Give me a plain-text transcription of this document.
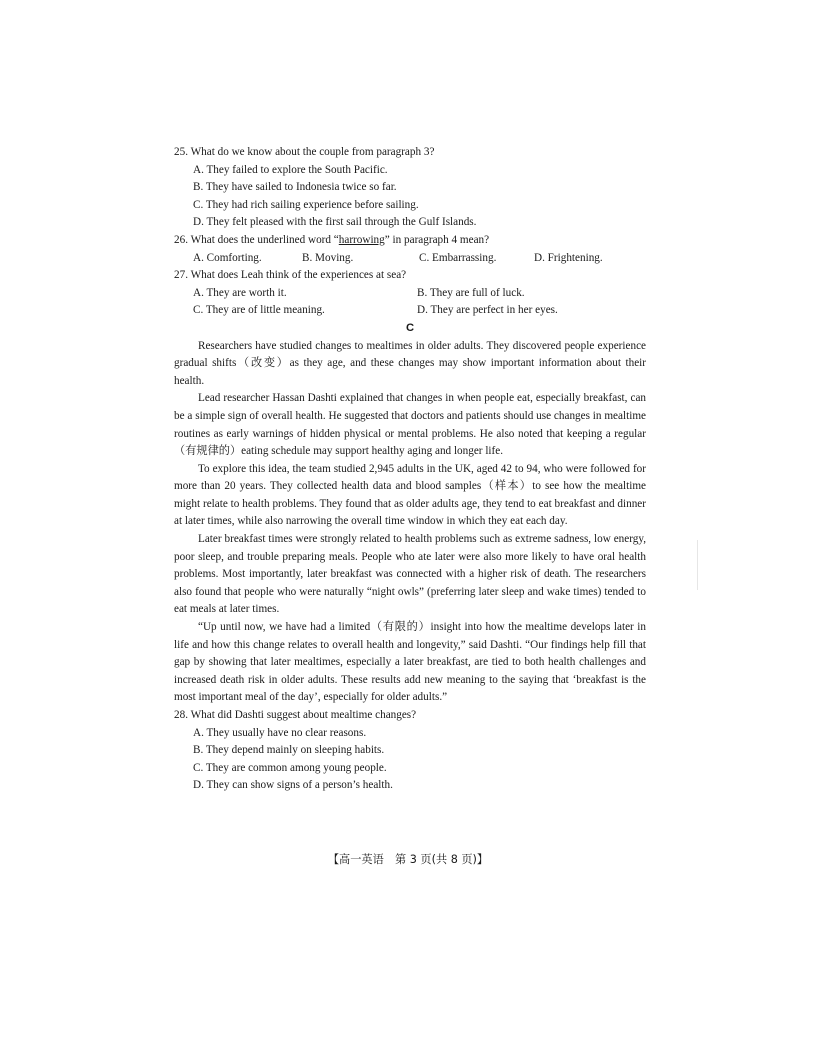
25. What do we know about the couple from paragraph 3?

A. They failed to explore the South Pacific.

B. They have sailed to Indonesia twice so far.

C. They had rich sailing experience before sailing.

D. They felt pleased with the first sail through the Gulf Islands.

26. What does the underlined word “harrowing” in paragraph 4 mean?

A. Comforting.	B. Moving.	C. Embarrassing.	D. Frightening.

27. What does Leah think of the experiences at sea?

A. They are worth it.	B. They are full of luck.
C. They are of little meaning.	D. They are perfect in her eyes.

C

Researchers have studied changes to mealtimes in older adults. They discovered people experience gradual shifts（改变）as they age, and these changes may show important information about their health.

Lead researcher Hassan Dashti explained that changes in when people eat, especially breakfast, can be a simple sign of overall health. He suggested that doctors and patients should use changes in mealtime routines as early warnings of hidden physical or mental problems. He also noted that keeping a regular（有规律的）eating schedule may support healthy aging and longer life.

To explore this idea, the team studied 2,945 adults in the UK, aged 42 to 94, who were followed for more than 20 years. They collected health data and blood samples（样本）to see how the mealtime might relate to health problems. They found that as older adults age, they tend to eat breakfast and dinner at later times, while also narrowing the overall time window in which they eat each day.

Later breakfast times were strongly related to health problems such as extreme sadness, low energy, poor sleep, and trouble preparing meals. People who ate later were also more likely to have oral health problems. Most importantly, later breakfast was connected with a higher risk of death. The researchers also found that people who were naturally “night owls” (preferring later sleep and wake times) tended to eat meals at later times.

“Up until now, we have had a limited（有限的）insight into how the mealtime develops later in life and how this change relates to overall health and longevity,” said Dashti. “Our findings help fill that gap by showing that later mealtimes, especially a later breakfast, are tied to both health challenges and increased death risk in older adults. These results add new meaning to the saying that ‘breakfast is the most important meal of the day’, especially for older adults.”

28. What did Dashti suggest about mealtime changes?

A. They usually have no clear reasons.

B. They depend mainly on sleeping habits.

C. They are common among young people.

D. They can show signs of a person’s health.

【高一英语　第 3 页(共 8 页)】
